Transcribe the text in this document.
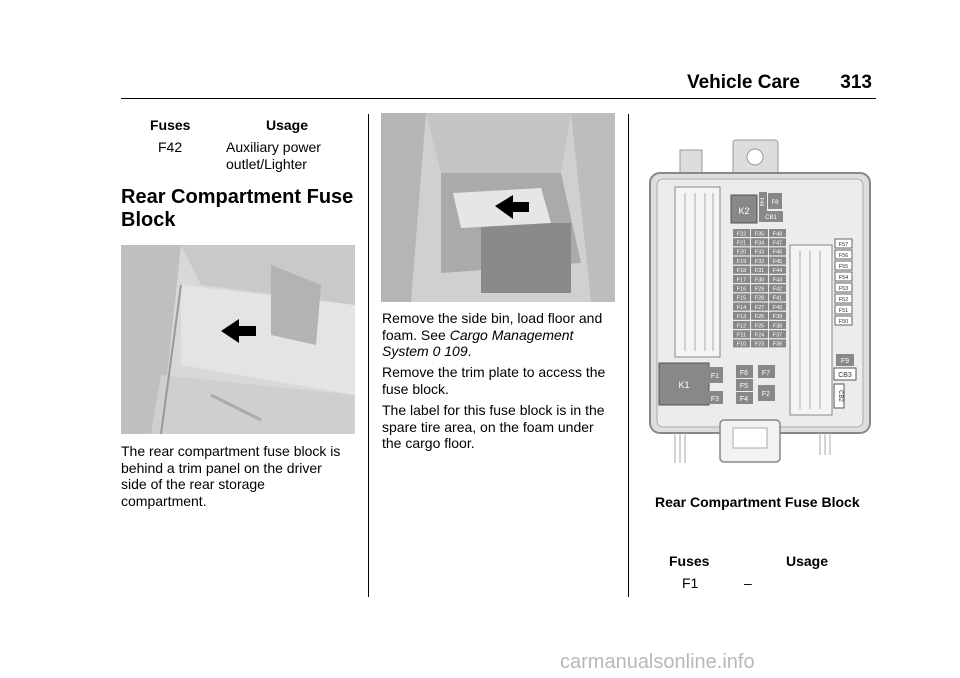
Vehicle Care 313
Fuses	Usage
F42	Auxiliary power
outlet/Lighter
Rear Compartment Fuse
Block
The rear compartment fuse block is
behind a trim panel on the driver
side of the rear storage
compartment.
Remove the side bin, load floor and
foam. See Cargo Management
System 0 109.
Remove the trim plate to access the
fuse block.
The label for this fuse block is in the
spare tire area, on the foam under
the cargo floor.
K2
F49 F8
CB1
F22 F35 F48
F21 F34 F47
F20 F33 F46
F19 F32 F45
F18 F31 F44
F17 F30 F43
F16 F29 F42
F15 F28 F41
F14 F27 F40
F13 F26 F39
F12 F25 F38
F11 F24 F37
F10 F23 F36
F57
F56
F55
F54
F53
F52
F51
F50
K1
F1
F3
F6 F7
F5
F4
F2
F9
CB3
CB2
Rear Compartment Fuse Block
Fuses	Usage
F1	–
carmanualsonline.info
